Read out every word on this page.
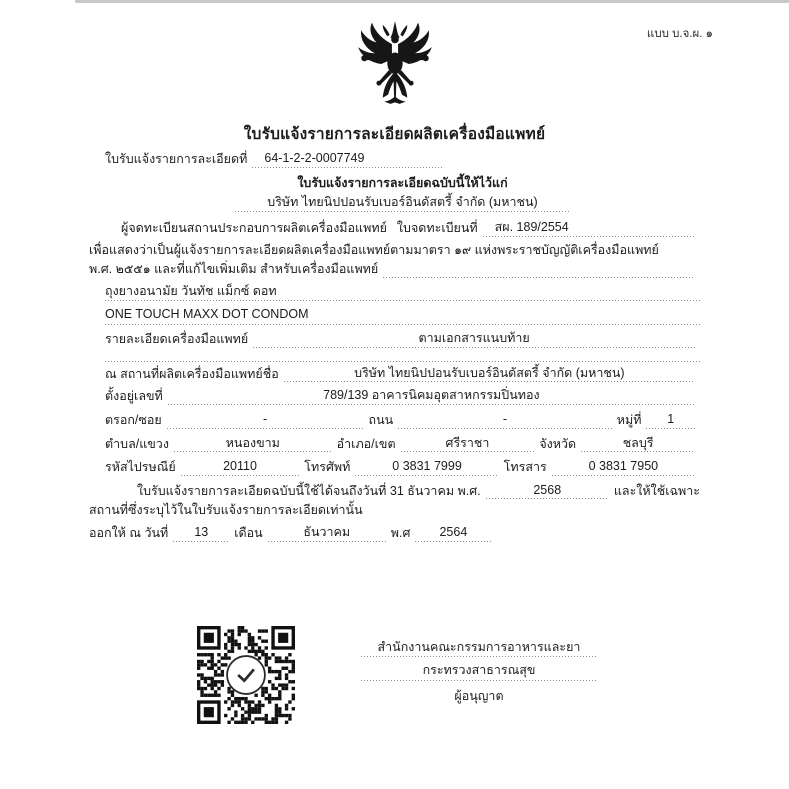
แบบ บ.จ.ผ. ๑
ใบรับแจ้งรายการละเอียดผลิตเครื่องมือแพทย์
ใบรับแจ้งรายการละเอียดที่	64-1-2-2-0007749
ใบรับแจ้งรายการละเอียดฉบับนี้ให้ไว้แก่
บริษัท ไทยนิปปอนรับเบอร์อินดัสตรี้ จำกัด (มหาชน)
ผู้จดทะเบียนสถานประกอบการผลิตเครื่องมือแพทย์ ใบจดทะเบียนที่	สผ. 189/2554
เพื่อแสดงว่าเป็นผู้แจ้งรายการละเอียดผลิตเครื่องมือแพทย์ตามมาตรา ๑๙ แห่งพระราชบัญญัติเครื่องมือแพทย์
พ.ศ. ๒๕๕๑ และที่แก้ไขเพิ่มเติม สำหรับเครื่องมือแพทย์
ถุงยางอนามัย วันทัช แม็กซ์ ดอท
ONE TOUCH MAXX DOT CONDOM
รายละเอียดเครื่องมือแพทย์	ตามเอกสารแนบท้าย
ณ สถานที่ผลิตเครื่องมือแพทย์ชื่อ	บริษัท ไทยนิปปอนรับเบอร์อินดัสตรี้ จำกัด (มหาชน)
ตั้งอยู่เลขที่	789/139 อาคารนิคมอุตสาหกรรมปิ่นทอง
ตรอก/ซอย	-	ถนน	-	หมู่ที่	1
ตำบล/แขวง	หนองขาม	อำเภอ/เขต	ศรีราชา	จังหวัด	ชลบุรี
รหัสไปรษณีย์	20110	โทรศัพท์	0 3831 7999	โทรสาร	0 3831 7950
ใบรับแจ้งรายการละเอียดฉบับนี้ใช้ได้จนถึงวันที่ 31 ธันวาคม พ.ศ.	2568	และให้ใช้เฉพาะ
สถานที่ซึ่งระบุไว้ในใบรับแจ้งรายการละเอียดเท่านั้น
ออกให้ ณ วันที่	13	เดือน	ธันวาคม	พ.ศ	2564
สำนักงานคณะกรรมการอาหารและยา
กระทรวงสาธารณสุข
ผู้อนุญาต
